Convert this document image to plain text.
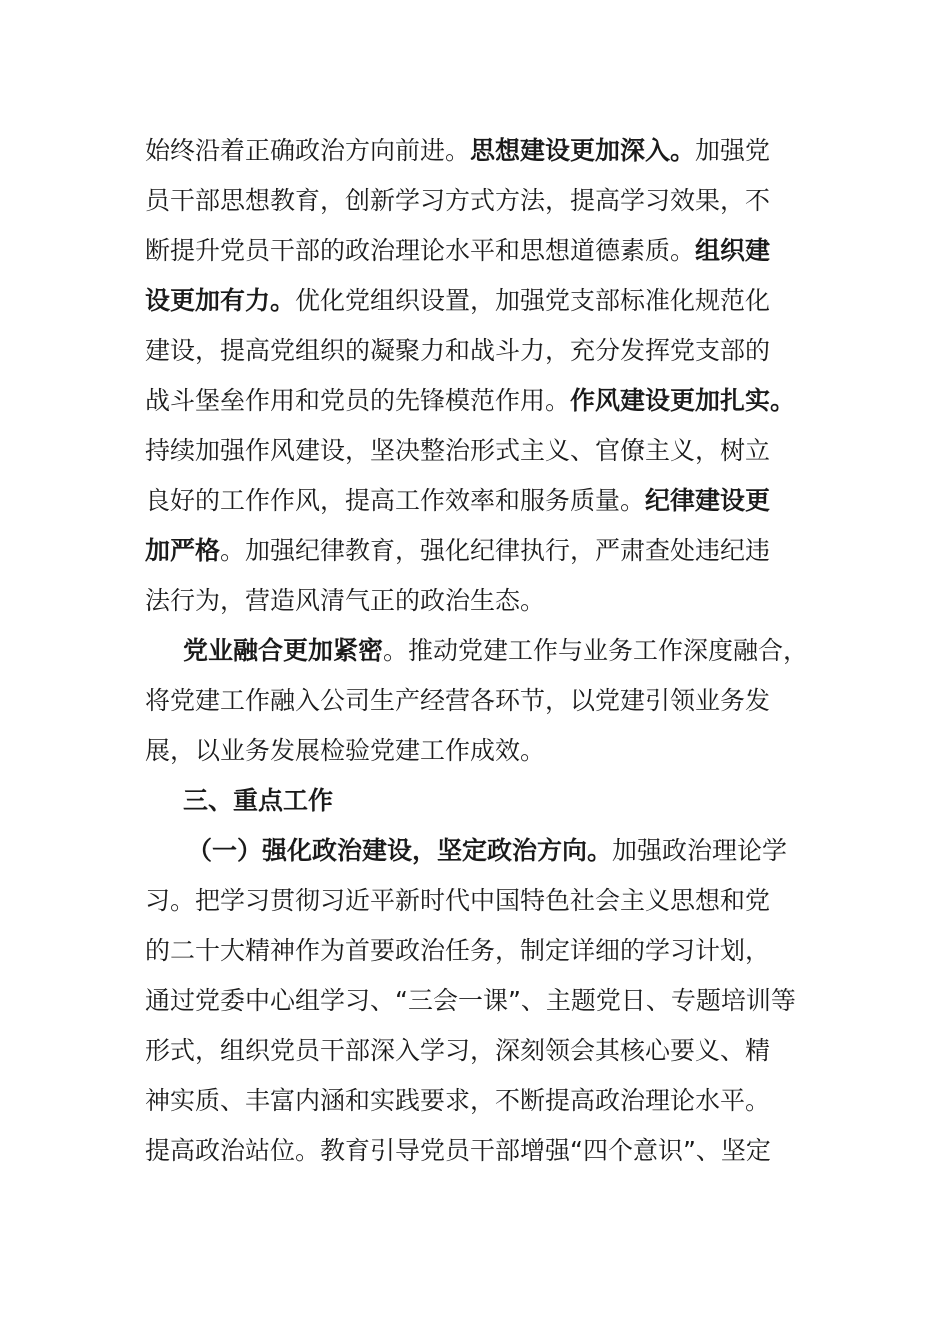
始终沿着正确政治方向前进。思想建设更加深入。加强党
员干部思想教育，创新学习方式方法，提高学习效果，不
断提升党员干部的政治理论水平和思想道德素质。组织建
设更加有力。优化党组织设置，加强党支部标准化规范化
建设，提高党组织的凝聚力和战斗力，充分发挥党支部的
战斗堡垒作用和党员的先锋模范作用。作风建设更加扎实。
持续加强作风建设，坚决整治形式主义、官僚主义，树立
良好的工作作风，提高工作效率和服务质量。纪律建设更
加严格。加强纪律教育，强化纪律执行，严肃查处违纪违
法行为，营造风清气正的政治生态。
党业融合更加紧密。推动党建工作与业务工作深度融合，
将党建工作融入公司生产经营各环节，以党建引领业务发
展，以业务发展检验党建工作成效。
三、重点工作
（一）强化政治建设，坚定政治方向。加强政治理论学
习。把学习贯彻习近平新时代中国特色社会主义思想和党
的二十大精神作为首要政治任务，制定详细的学习计划，
通过党委中心组学习、“三会一课”、主题党日、专题培训等
形式，组织党员干部深入学习，深刻领会其核心要义、精
神实质、丰富内涵和实践要求，不断提高政治理论水平。
提高政治站位。教育引导党员干部增强“四个意识”、坚定
